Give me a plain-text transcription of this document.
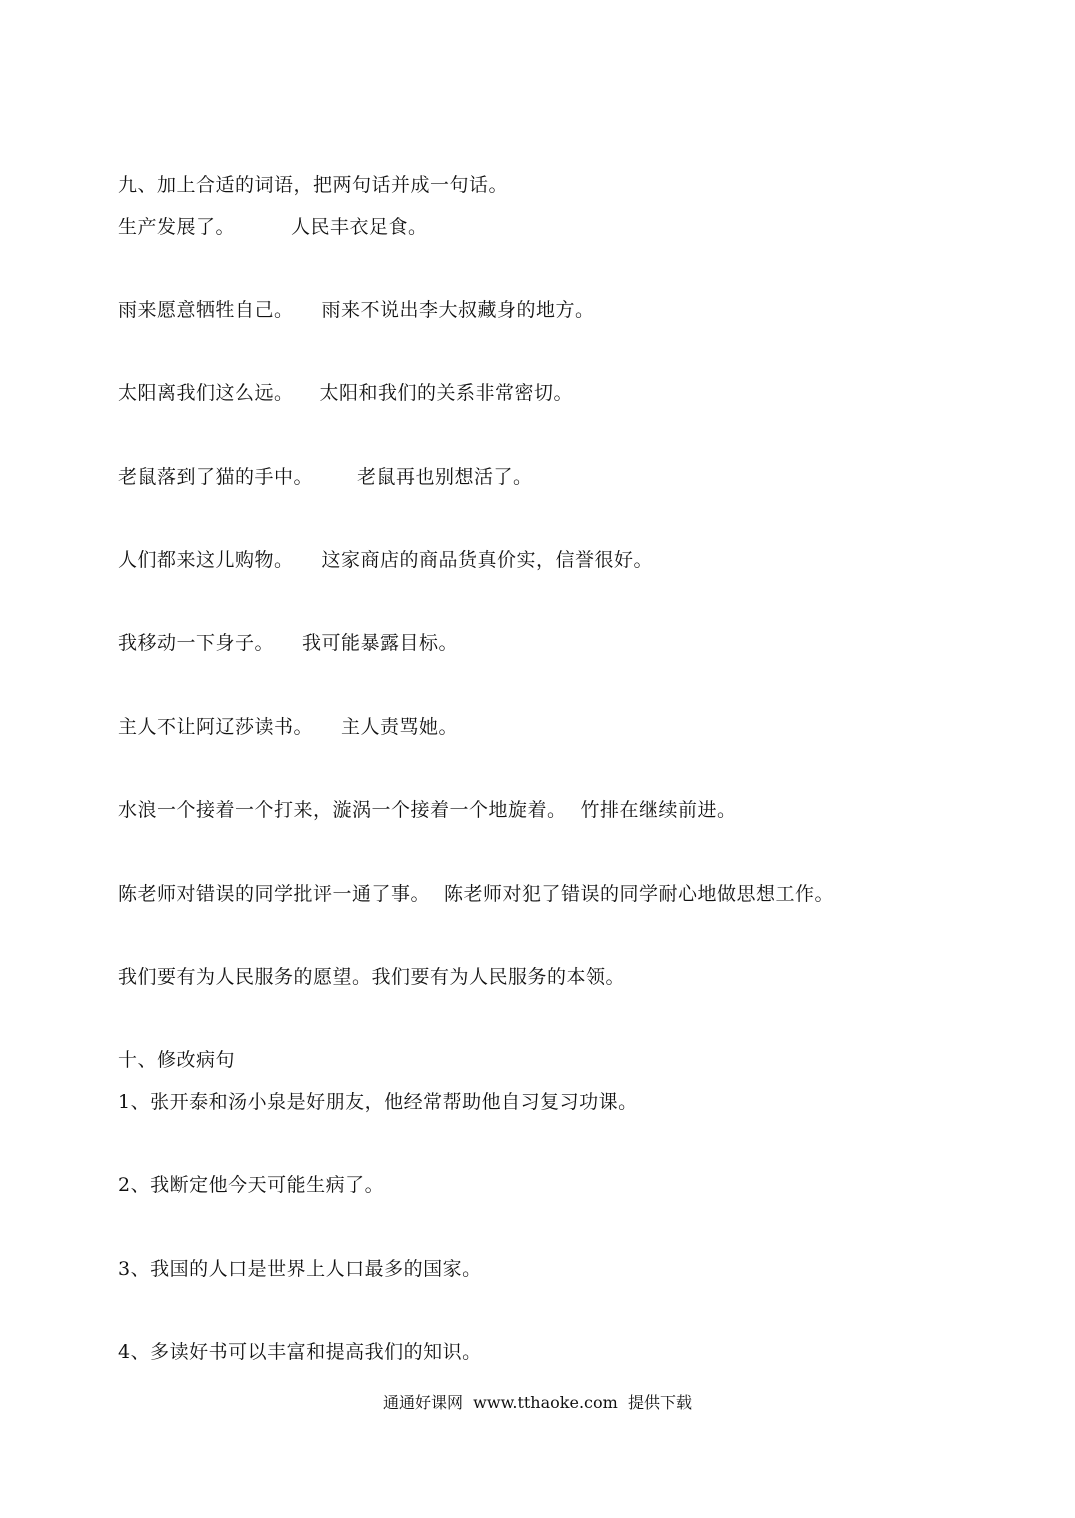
九、加上合适的词语，把两句话并成一句话。
生产发展了。	人民丰衣足食。
雨来愿意牺牲自己。 雨来不说出李大叔藏身的地方。
太阳离我们这么远。 太阳和我们的关系非常密切。
老鼠落到了猫的手中。 老鼠再也别想活了。
人们都来这儿购物。 这家商店的商品货真价实，信誉很好。
我移动一下身子。 我可能暴露目标。
主人不让阿辽莎读书。 主人责骂她。
水浪一个接着一个打来，漩涡一个接着一个地旋着。 竹排在继续前进。
陈老师对错误的同学批评一通了事。 陈老师对犯了错误的同学耐心地做思想工作。
我们要有为人民服务的愿望。我们要有为人民服务的本领。
十、修改病句
1、张开泰和汤小泉是好朋友，他经常帮助他自习复习功课。
2、我断定他今天可能生病了。
3、我国的人口是世界上人口最多的国家。
4、多读好书可以丰富和提高我们的知识。
通通好课网  www.tthaoke.com  提供下载
